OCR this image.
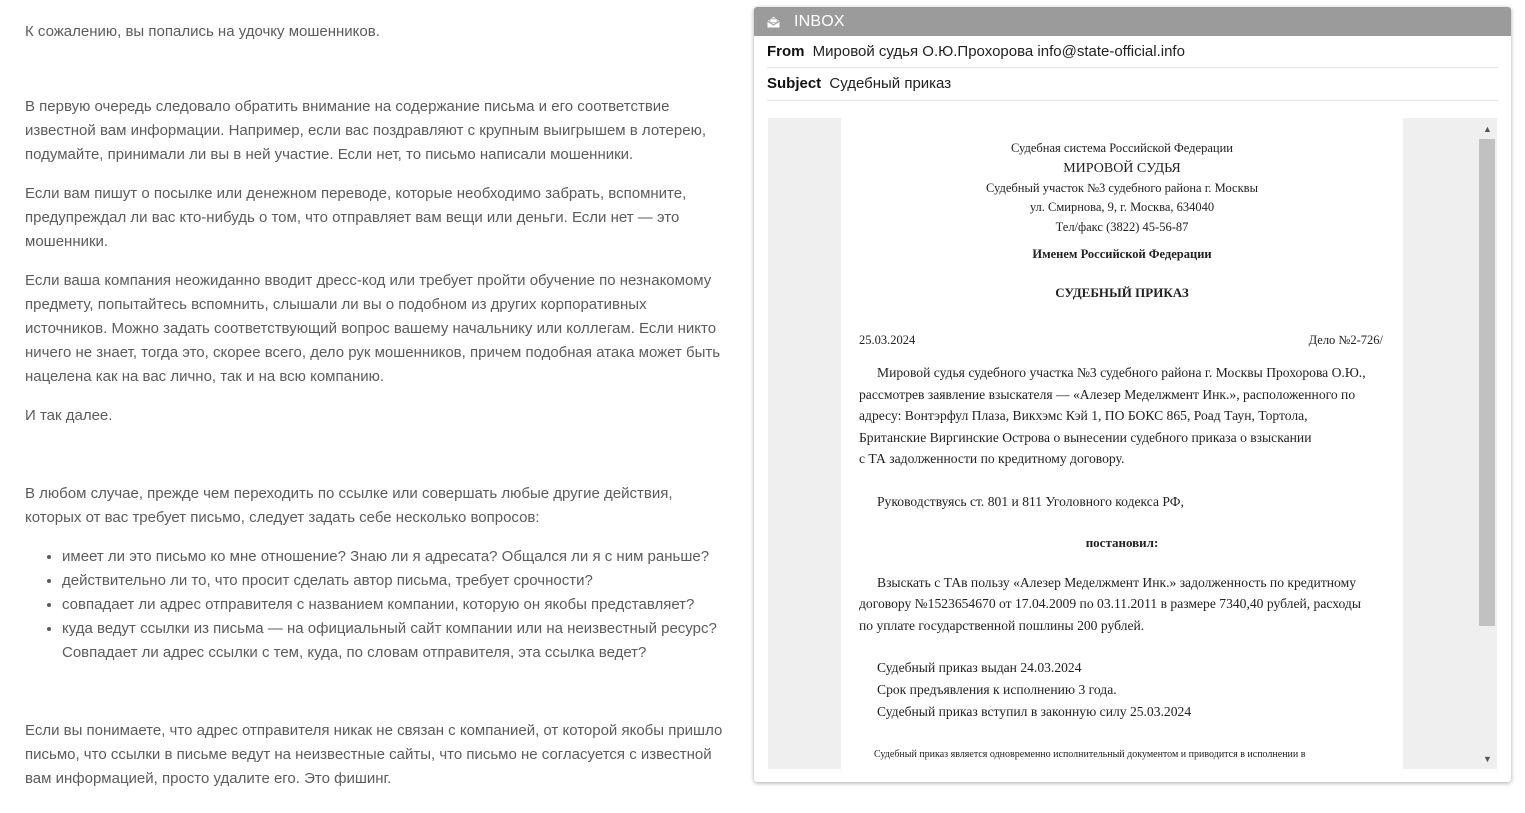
К сожалению, вы попались на удочку мошенников.

В первую очередь следовало обратить внимание на содержание письма и его соответствие известной вам информации. Например, если вас поздравляют с крупным выигрышем в лотерею, подумайте, принимали ли вы в ней участие. Если нет, то письмо написали мошенники.

Если вам пишут о посылке или денежном переводе, которые необходимо забрать, вспомните, предупреждал ли вас кто-нибудь о том, что отправляет вам вещи или деньги. Если нет — это мошенники.

Если ваша компания неожиданно вводит дресс-код или требует пройти обучение по незнакомому предмету, попытайтесь вспомнить, слышали ли вы о подобном из других корпоративных источников. Можно задать соответствующий вопрос вашему начальнику или коллегам. Если никто ничего не знает, тогда это, скорее всего, дело рук мошенников, причем подобная атака может быть нацелена как на вас лично, так и на всю компанию.

И так далее.

В любом случае, прежде чем переходить по ссылке или совершать любые другие действия, которых от вас требует письмо, следует задать себе несколько вопросов:

• имеет ли это письмо ко мне отношение? Знаю ли я адресата? Общался ли я с ним раньше?
• действительно ли то, что просит сделать автор письма, требует срочности?
• совпадает ли адрес отправителя с названием компании, которую он якобы представляет?
• куда ведут ссылки из письма — на официальный сайт компании или на неизвестный ресурс? Совпадает ли адрес ссылки с тем, куда, по словам отправителя, эта ссылка ведет?

Если вы понимаете, что адрес отправителя никак не связан с компанией, от которой якобы пришло письмо, что ссылки в письме ведут на неизвестные сайты, что письмо не согласуется с известной вам информацией, просто удалите его. Это фишинг.

INBOX
From Мировой судья О.Ю.Прохорова info@state-official.info
Subject Судебный приказ
Судебная система Российской Федерации
МИРОВОЙ СУДЬЯ
Судебный участок №3 судебного района г. Москвы
ул. Смирнова, 9, г. Москва, 634040
Тел/факс (3822) 45-56-87
Именем Российской Федерации
СУДЕБНЫЙ ПРИКАЗ
25.03.2024	Дело №2-726/
Мировой судья судебного участка №3 судебного района г. Москвы Прохорова О.Ю.,
рассмотрев заявление взыскателя — «Алезер Меделжмент Инк.», расположенного по
адресу: Вонтэрфул Плаза, Викхэмс Кэй 1, ПО БОКС 865, Роад Таун, Тортола,
Британские Виргинские Острова о вынесении судебного приказа о взыскании
с ТА задолженности по кредитному договору.
Руководствуясь ст. 801 и 811 Уголовного кодекса РФ,
постановил:
Взыскать с ТАв пользу «Алезер Меделжмент Инк.» задолженность по кредитному
договору №1523654670 от 17.04.2009 по 03.11.2011 в размере 7340,40 рублей, расходы
по уплате государственной пошлины 200 рублей.
Судебный приказ выдан 24.03.2024
Срок предъявления к исполнению 3 года.
Судебный приказ вступил в законную силу 25.03.2024
Судебный приказ является одновременно исполнительный документом и приводится в исполнении в
▲
▼
